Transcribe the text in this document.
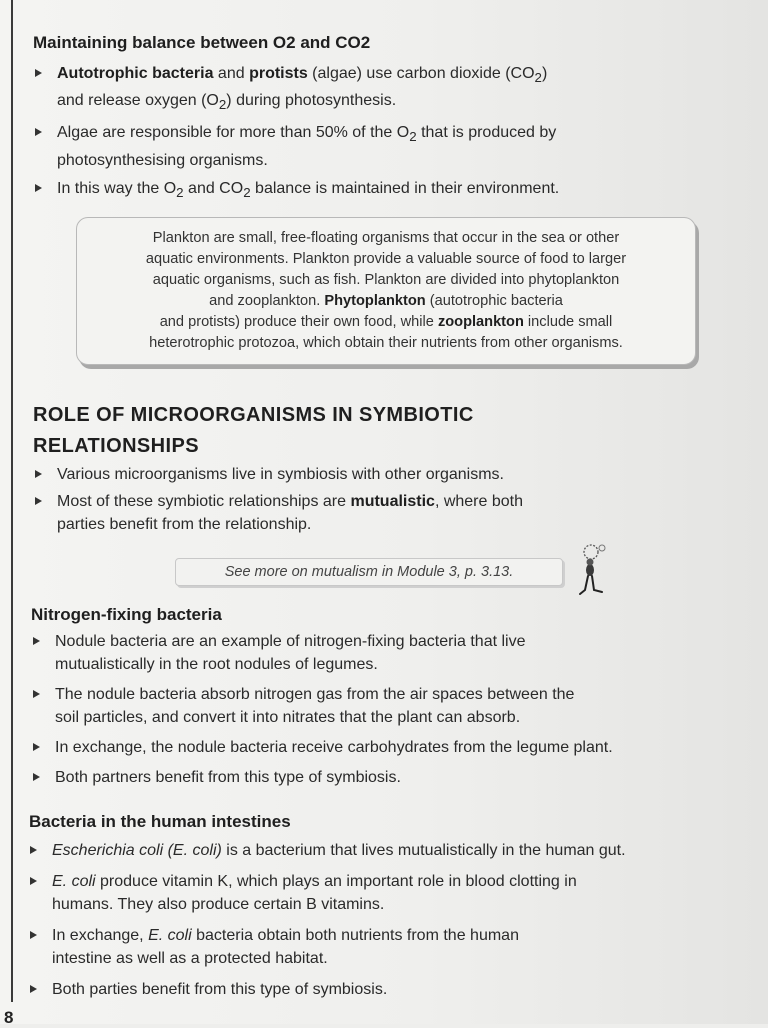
8
Maintaining balance between O2 and CO2
Autotrophic bacteria and protists (algae) use carbon dioxide $(CO_2)$
and release oxygen $(O_2)$ during photosynthesis.
Algae are responsible for more than 50% of the $O_2$ that is produced by
photosynthesising organisms.
In this way the $O_2$ and $CO_2$ balance is maintained in their environment.
Plankton are small, free-floating organisms that occur in the sea or other
aquatic environments. Plankton provide a valuable source of food to larger
aquatic organisms, such as fish. Plankton are divided into phytoplankton
and zooplankton. Phytoplankton (autotrophic bacteria
and protists) produce their own food, while zooplankton include small
heterotrophic protozoa, which obtain their nutrients from other organisms.
ROLE OF MICROORGANISMS IN SYMBIOTIC
RELATIONSHIPS
Various microorganisms live in symbiosis with other organisms.
Most of these symbiotic relationships are mutualistic, where both
parties benefit from the relationship.
See more on mutualism in Module 3, p. 3.13.
Nitrogen-fixing bacteria
Nodule bacteria are an example of nitrogen-fixing bacteria that live
mutualistically in the root nodules of legumes.
The nodule bacteria absorb nitrogen gas from the air spaces between the
soil particles, and convert it into nitrates that the plant can absorb.
In exchange, the nodule bacteria receive carbohydrates from the legume plant.
Both partners benefit from this type of symbiosis.
Bacteria in the human intestines
Escherichia coli (E. coli) is a bacterium that lives mutualistically in the human gut.
E. coli produce vitamin K, which plays an important role in blood clotting in
humans. They also produce certain B vitamins.
In exchange, E. coli bacteria obtain both nutrients from the human
intestine as well as a protected habitat.
Both parties benefit from this type of symbiosis.
